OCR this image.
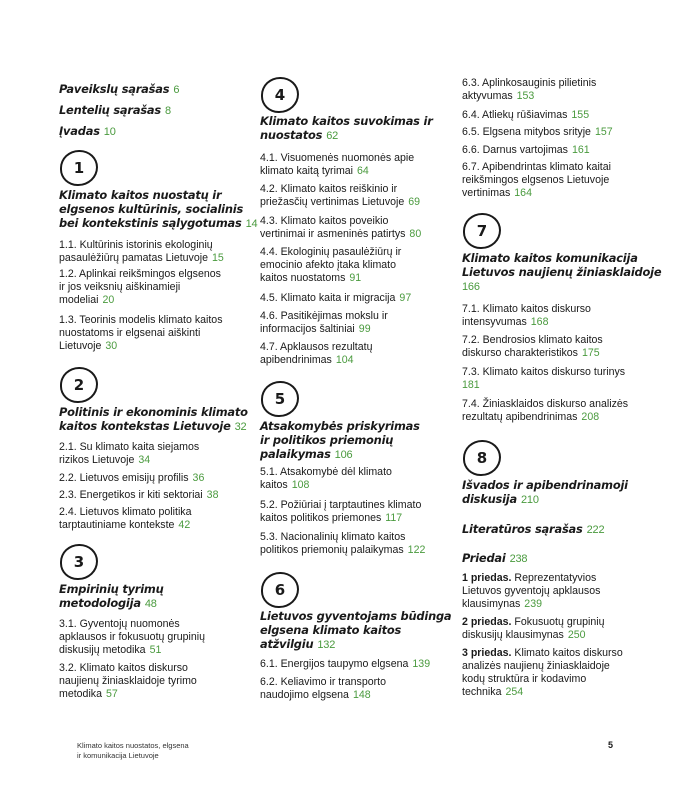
Paveikslų sąrašas 6
Lentelių sąrašas 8
Įvadas 10
1
Klimato kaitos nuostatų ir
elgsenos kultūrinis, socialinis
bei kontekstinis sąlygotumas 14
1.1. Kultūrinis istorinis ekologinių
pasaulėžiūrų pamatas Lietuvoje 15
1.2. Aplinkai reikšmingos elgsenos
ir jos veiksnių aiškinamieji
modeliai 20
1.3. Teorinis modelis klimato kaitos
nuostatoms ir elgsenai aiškinti
Lietuvoje 30
2
Politinis ir ekonominis klimato
kaitos kontekstas Lietuvoje 32
2.1. Su klimato kaita siejamos
rizikos Lietuvoje 34
2.2. Lietuvos emisijų profilis 36
2.3. Energetikos ir kiti sektoriai 38
2.4. Lietuvos klimato politika
tarptautiniame kontekste 42
3
Empirinių tyrimų
metodologija 48
3.1. Gyventojų nuomonės
apklausos ir fokusuotų grupinių
diskusijų metodika 51
3.2. Klimato kaitos diskurso
naujienų žiniasklaidoje tyrimo
metodika 57
4
Klimato kaitos suvokimas ir
nuostatos 62
4.1. Visuomenės nuomonės apie
klimato kaitą tyrimai 64
4.2. Klimato kaitos reiškinio ir
priežasčių vertinimas Lietuvoje 69
4.3. Klimato kaitos poveikio
vertinimai ir asmeninės patirtys 80
4.4. Ekologinių pasaulėžiūrų ir
emocinio afekto įtaka klimato
kaitos nuostatoms 91
4.5. Klimato kaita ir migracija 97
4.6. Pasitikėjimas mokslu ir
informacijos šaltiniai 99
4.7. Apklausos rezultatų
apibendrinimas 104
5
Atsakomybės priskyrimas
ir politikos priemonių
palaikymas 106
5.1. Atsakomybė dėl klimato
kaitos 108
5.2. Požiūriai į tarptautines klimato
kaitos politikos priemones 117
5.3. Nacionalinių klimato kaitos
politikos priemonių palaikymas 122
6
Lietuvos gyventojams būdinga
elgsena klimato kaitos
atžvilgiu 132
6.1. Energijos taupymo elgsena 139
6.2. Keliavimo ir transporto
naudojimo elgsena 148
6.3. Aplinkosauginis pilietinis
aktyvumas 153
6.4. Atliekų rūšiavimas 155
6.5. Elgsena mitybos srityje 157
6.6. Darnus vartojimas 161
6.7. Apibendrintas klimato kaitai
reikšmingos elgsenos Lietuvoje
vertinimas 164
7
Klimato kaitos komunikacija
Lietuvos naujienų žiniasklaidoje
166
7.1. Klimato kaitos diskurso
intensyvumas 168
7.2. Bendrosios klimato kaitos
diskurso charakteristikos 175
7.3. Klimato kaitos diskurso turinys
181
7.4. Žiniasklaidos diskurso analizės
rezultatų apibendrinimas 208
8
Išvados ir apibendrinamoji
diskusija 210
Literatūros sąrašas 222
Priedai 238
1 priedas. Reprezentatyvios
Lietuvos gyventojų apklausos
klausimynas 239
2 priedas. Fokusuotų grupinių
diskusijų klausimynas 250
3 priedas. Klimato kaitos diskurso
analizės naujienų žiniasklaidoje
kodų struktūra ir kodavimo
technika 254
Klimato kaitos nuostatos, elgsena
ir komunikacija Lietuvoje
5
